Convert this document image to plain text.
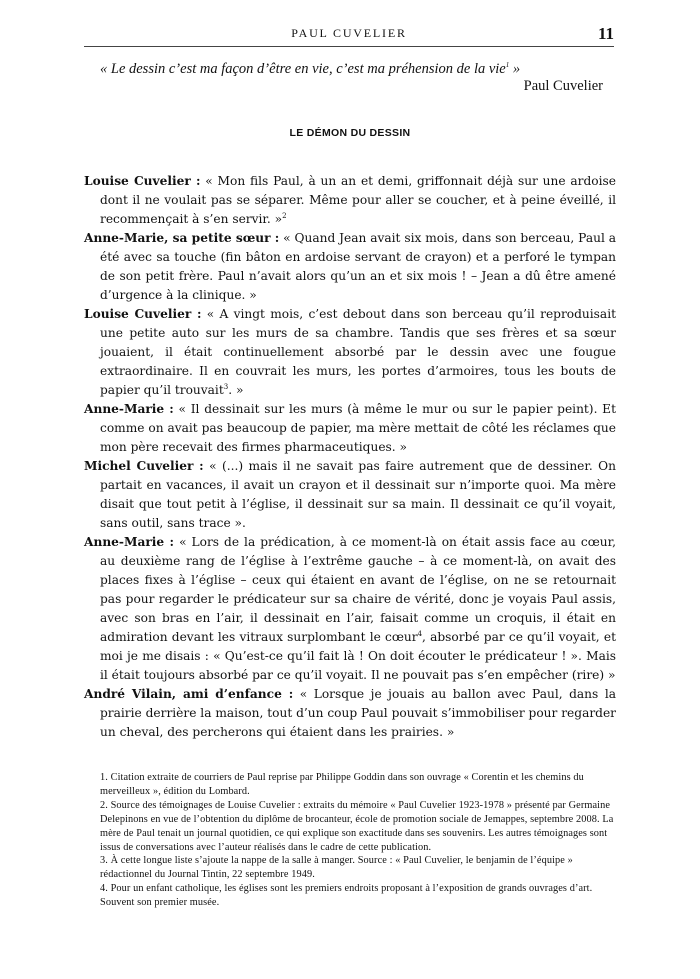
PAUL CUVELIER	11
« Le dessin c’est ma façon d’être en vie, c’est ma préhension de la vie$^1$ »
Paul Cuvelier
LE DÉMON DU DESSIN

Louise Cuvelier : « Mon fils Paul, à un an et demi, griffonnait déjà sur une ardoise dont il ne voulait pas se séparer. Même pour aller se coucher, et à peine éveillé, il recommençait à s’en servir. »$^2$

Anne-Marie, sa petite sœur : « Quand Jean avait six mois, dans son berceau, Paul a été avec sa touche (fin bâton en ardoise servant de crayon) et a perforé le tympan de son petit frère. Paul n’avait alors qu’un an et six mois ! – Jean a dû être amené d’urgence à la clinique. »

Louise Cuvelier : « A vingt mois, c’est debout dans son berceau qu’il reproduisait une petite auto sur les murs de sa chambre. Tandis que ses frères et sa sœur jouaient, il était continuellement absorbé par le dessin avec une fougue extraordinaire. Il en couvrait les murs, les portes d’armoires, tous les bouts de papier qu’il trouvait$^3$. »

Anne-Marie : « Il dessinait sur les murs (à même le mur ou sur le papier peint). Et comme on avait pas beaucoup de papier, ma mère mettait de côté les réclames que mon père recevait des firmes pharmaceutiques. »

Michel Cuvelier : « (...) mais il ne savait pas faire autrement que de dessiner. On partait en vacances, il avait un crayon et il dessinait sur n’importe quoi. Ma mère disait que tout petit à l’église, il dessinait sur sa main. Il dessinait ce qu’il voyait, sans outil, sans trace ».

Anne-Marie : « Lors de la prédication, à ce moment-là on était assis face au cœur, au deuxième rang de l’église à l’extrême gauche – à ce moment-là, on avait des places fixes à l’église – ceux qui étaient en avant de l’église, on ne se retournait pas pour regarder le prédicateur sur sa chaire de vérité, donc je voyais Paul assis, avec son bras en l’air, il dessinait en l’air, faisait comme un croquis, il était en admiration devant les vitraux surplombant le cœur$^4$, absorbé par ce qu’il voyait, et moi je me disais : « Qu’est-ce qu’il fait là ! On doit écouter le prédicateur ! ». Mais il était toujours absorbé par ce qu’il voyait. Il ne pouvait pas s’en empêcher (rire) »

André Vilain, ami d’enfance : « Lorsque je jouais au ballon avec Paul, dans la prairie derrière la maison, tout d’un coup Paul pouvait s’immobiliser pour regarder un cheval, des percherons qui étaient dans les prairies. »

1. Citation extraite de courriers de Paul reprise par Philippe Goddin dans son ouvrage « Corentin et les chemins du merveilleux », édition du Lombard.

2. Source des témoignages de Louise Cuvelier : extraits du mémoire « Paul Cuvelier 1923-1978 » présenté par Germaine Delepinons en vue de l’obtention du diplôme de brocanteur, école de promotion sociale de Jemappes, septembre 2008. La mère de Paul tenait un journal quotidien, ce qui explique son exactitude dans ses souvenirs. Les autres témoignages sont issus de conversations avec l’auteur réalisés dans le cadre de cette publication.

3. À cette longue liste s’ajoute la nappe de la salle à manger. Source : « Paul Cuvelier, le benjamin de l’équipe » rédactionnel du Journal Tintin, 22 septembre 1949.

4. Pour un enfant catholique, les églises sont les premiers endroits proposant à l’exposition de grands ouvrages d’art. Souvent son premier musée.
